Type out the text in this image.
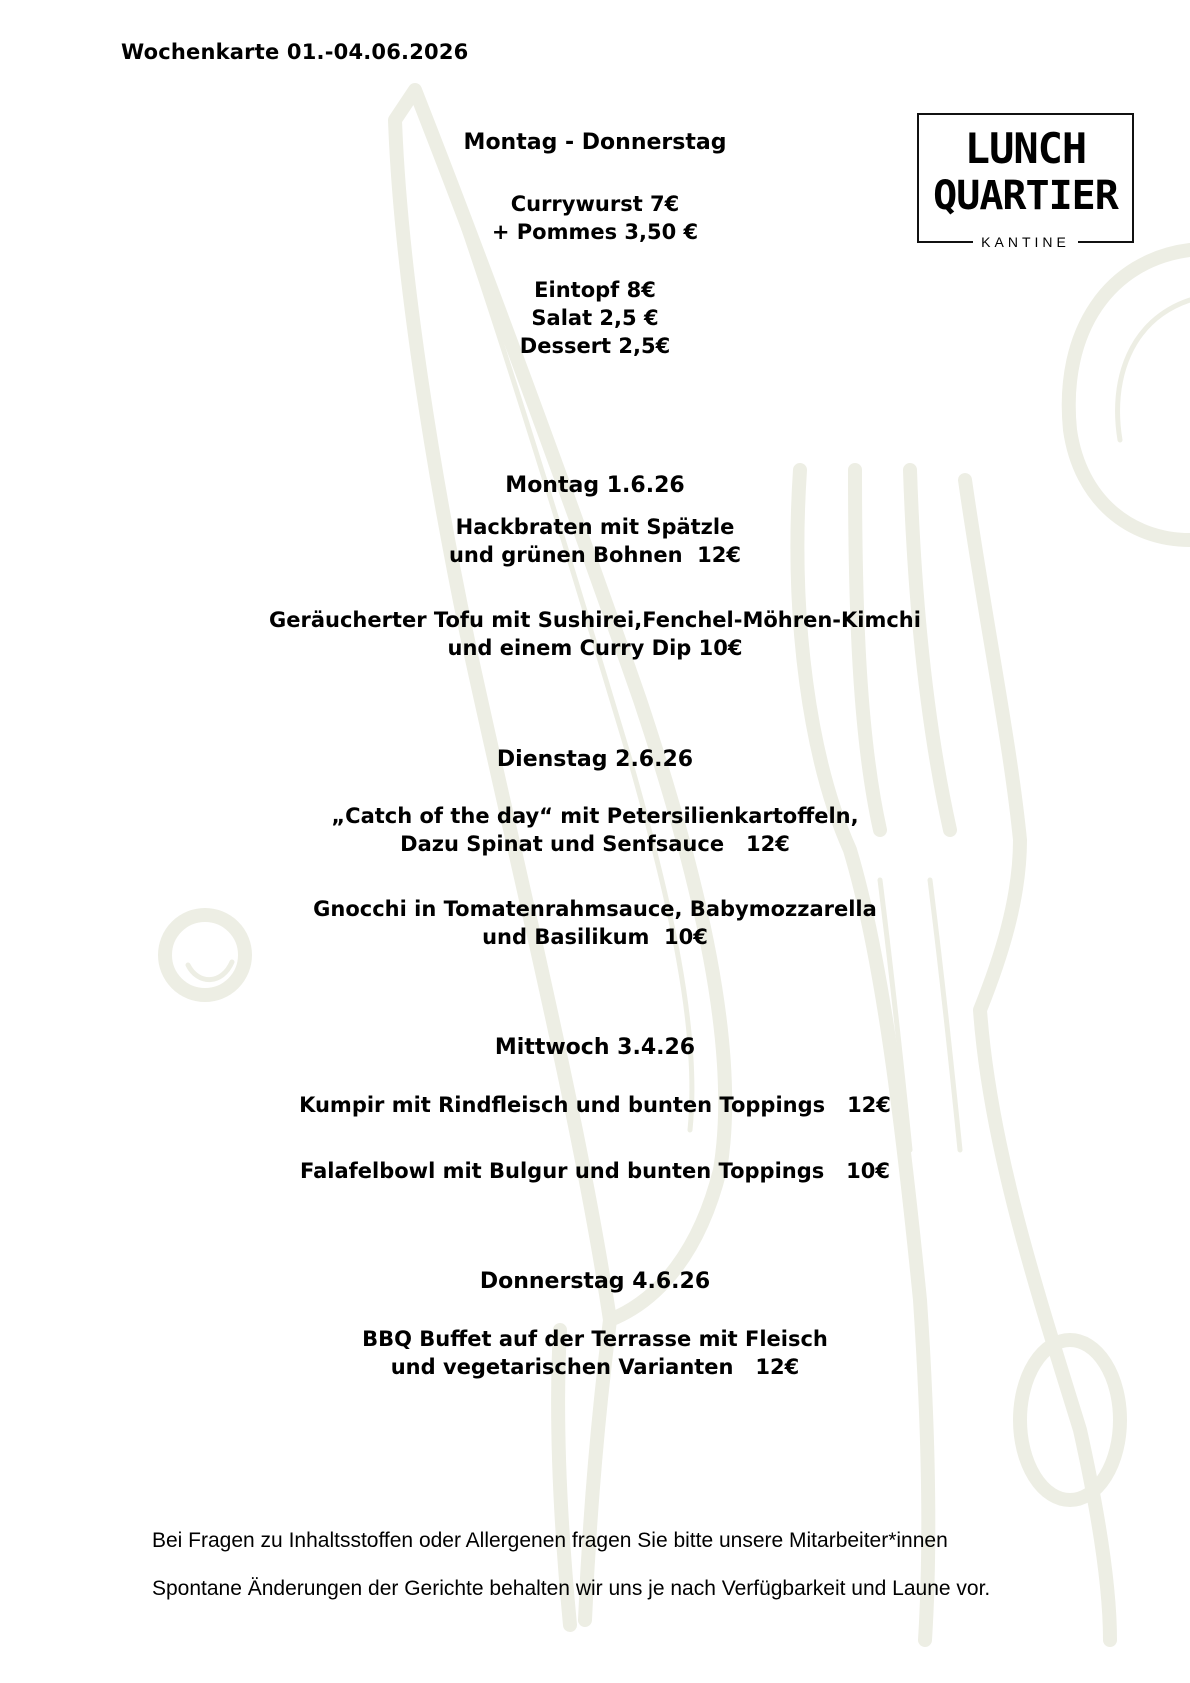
Wochenkarte 01.-04.06.2026
LUNCH
QUARTIER
KANTINE
Montag - Donnerstag
Currywurst 7€
+ Pommes 3,50 €
Eintopf 8€
Salat 2,5 €
Dessert 2,5€
Montag 1.6.26
Hackbraten mit Spätzle
und grünen Bohnen  12€
Geräucherter Tofu mit Sushirei,Fenchel-Möhren-Kimchi
und einem Curry Dip 10€
Dienstag 2.6.26
„Catch of the day“ mit Petersilienkartoffeln,
Dazu Spinat und Senfsauce   12€
Gnocchi in Tomatenrahmsauce, Babymozzarella
und Basilikum  10€
Mittwoch 3.4.26
Kumpir mit Rindfleisch und bunten Toppings   12€
Falafelbowl mit Bulgur und bunten Toppings   10€
Donnerstag 4.6.26
BBQ Buffet auf der Terrasse mit Fleisch
und vegetarischen Varianten   12€
Bei Fragen zu Inhaltsstoffen oder Allergenen fragen Sie bitte unsere Mitarbeiter*innen
Spontane Änderungen der Gerichte behalten wir uns je nach Verfügbarkeit und Laune vor.
